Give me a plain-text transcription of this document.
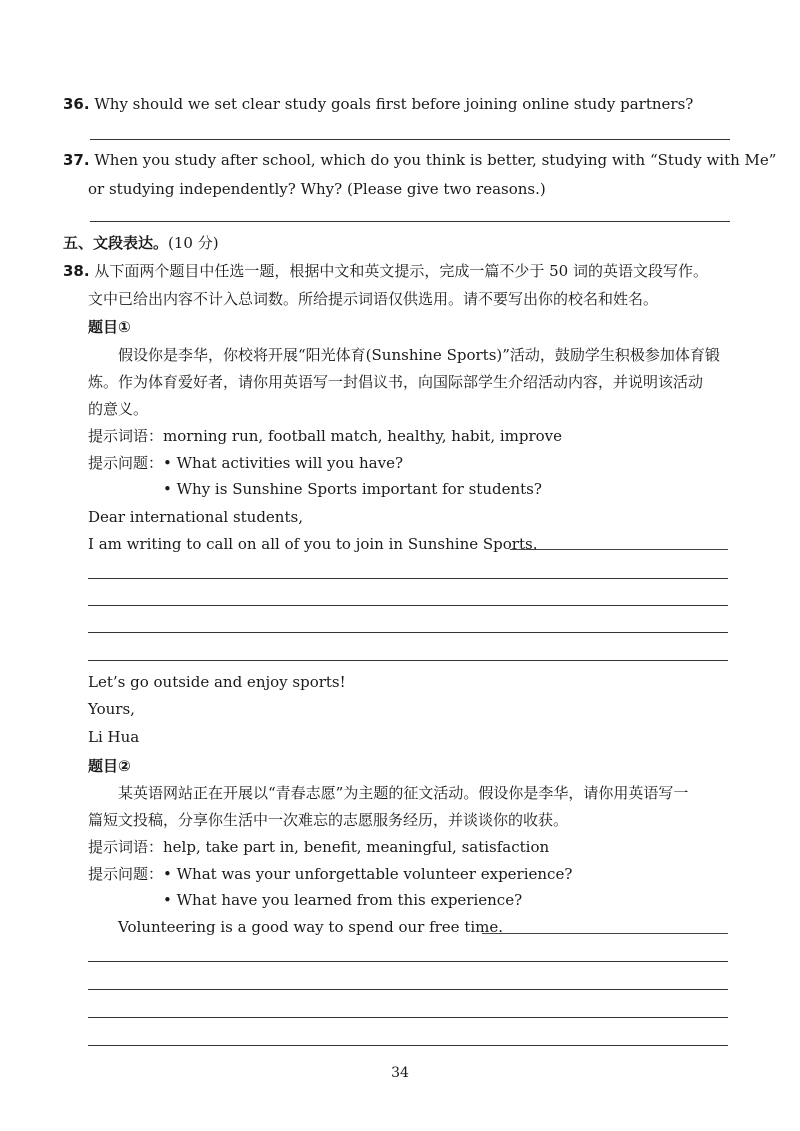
36. Why should we set clear study goals first before joining online study partners?
37. When you study after school, which do you think is better, studying with “Study with Me”
or studying independently? Why? (Please give two reasons.)
五、文段表达。(10 分)
38. 从下面两个题目中任选一题，根据中文和英文提示，完成一篇不少于 50 词的英语文段写作。
文中已给出内容不计入总词数。所给提示词语仅供选用。请不要写出你的校名和姓名。
题目①
假设你是李华，你校将开展“阳光体育(Sunshine Sports)”活动，鼓励学生积极参加体育锻
炼。作为体育爱好者，请你用英语写一封倡议书，向国际部学生介绍活动内容，并说明该活动
的意义。
提示词语：morning run, football match, healthy, habit, improve
提示问题：• What activities will you have?
• Why is Sunshine Sports important for students?
Dear international students,
I am writing to call on all of you to join in Sunshine Sports.
Let’s go outside and enjoy sports!
Yours,
Li Hua
题目②
某英语网站正在开展以“青春志愿”为主题的征文活动。假设你是李华，请你用英语写一
篇短文投稿，分享你生活中一次难忘的志愿服务经历，并谈谈你的收获。
提示词语：help, take part in, benefit, meaningful, satisfaction
提示问题：• What was your unforgettable volunteer experience?
• What have you learned from this experience?
Volunteering is a good way to spend our free time.
34
